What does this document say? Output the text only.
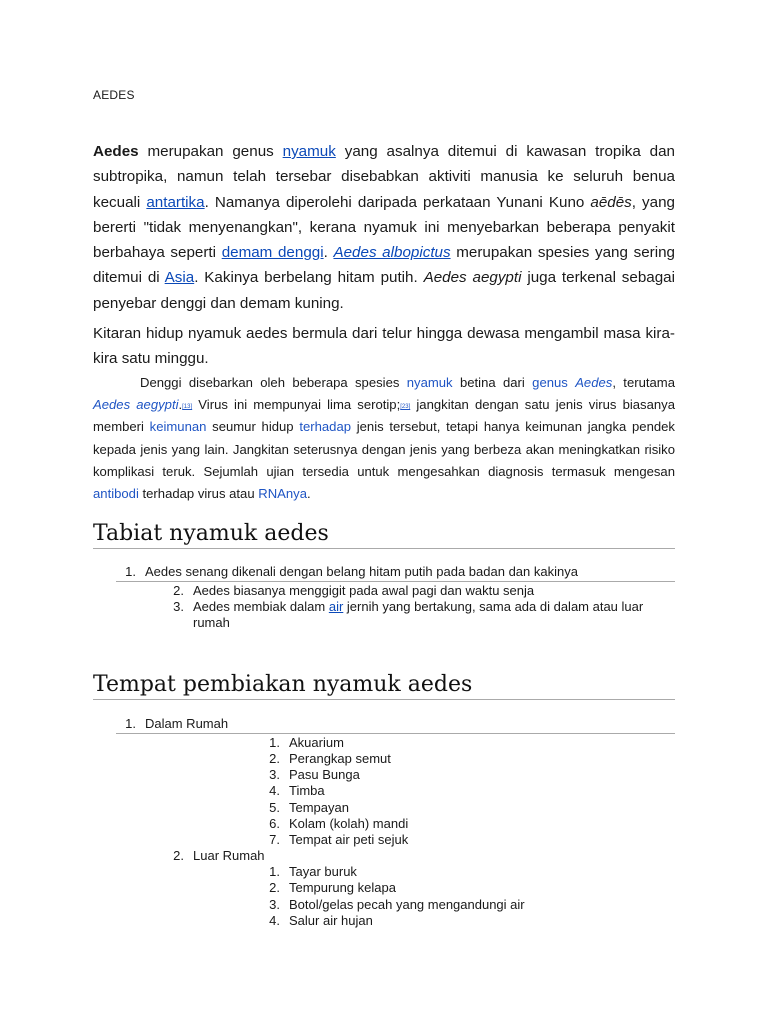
AEDES

Aedes merupakan genus nyamuk yang asalnya ditemui di kawasan tropika dan subtropika, namun telah tersebar disebabkan aktiviti manusia ke seluruh benua kecuali antartika. Namanya diperolehi daripada perkataan Yunani Kuno aēdēs, yang bererti "tidak menyenangkan", kerana nyamuk ini menyebarkan beberapa penyakit berbahaya seperti demam denggi. Aedes albopictus merupakan spesies yang sering ditemui di Asia. Kakinya berbelang hitam putih. Aedes aegypti juga terkenal sebagai penyebar denggi dan demam kuning.

Kitaran hidup nyamuk aedes bermula dari telur hingga dewasa mengambil masa kira-kira satu minggu.

Denggi disebarkan oleh beberapa spesies nyamuk betina dari genus Aedes, terutama Aedes aegypti.[13] Virus ini mempunyai lima serotip;[23] jangkitan dengan satu jenis virus biasanya memberi keimunan seumur hidup terhadap jenis tersebut, tetapi hanya keimunan jangka pendek kepada jenis yang lain. Jangkitan seterusnya dengan jenis yang berbeza akan meningkatkan risiko komplikasi teruk. Sejumlah ujian tersedia untuk mengesahkan diagnosis termasuk mengesan antibodi terhadap virus atau RNAnya.

Tabiat nyamuk aedes
1. Aedes senang dikenali dengan belang hitam putih pada badan dan kakinya
2. Aedes biasanya menggigit pada awal pagi dan waktu senja
3. Aedes membiak dalam air jernih yang bertakung, sama ada di dalam atau luar rumah
Tempat pembiakan nyamuk aedes
1. Dalam Rumah
1. Akuarium
2. Perangkap semut
3. Pasu Bunga
4. Timba
5. Tempayan
6. Kolam (kolah) mandi
7. Tempat air peti sejuk
2. Luar Rumah
1. Tayar buruk
2. Tempurung kelapa
3. Botol/gelas pecah yang mengandungi air
4. Salur air hujan
